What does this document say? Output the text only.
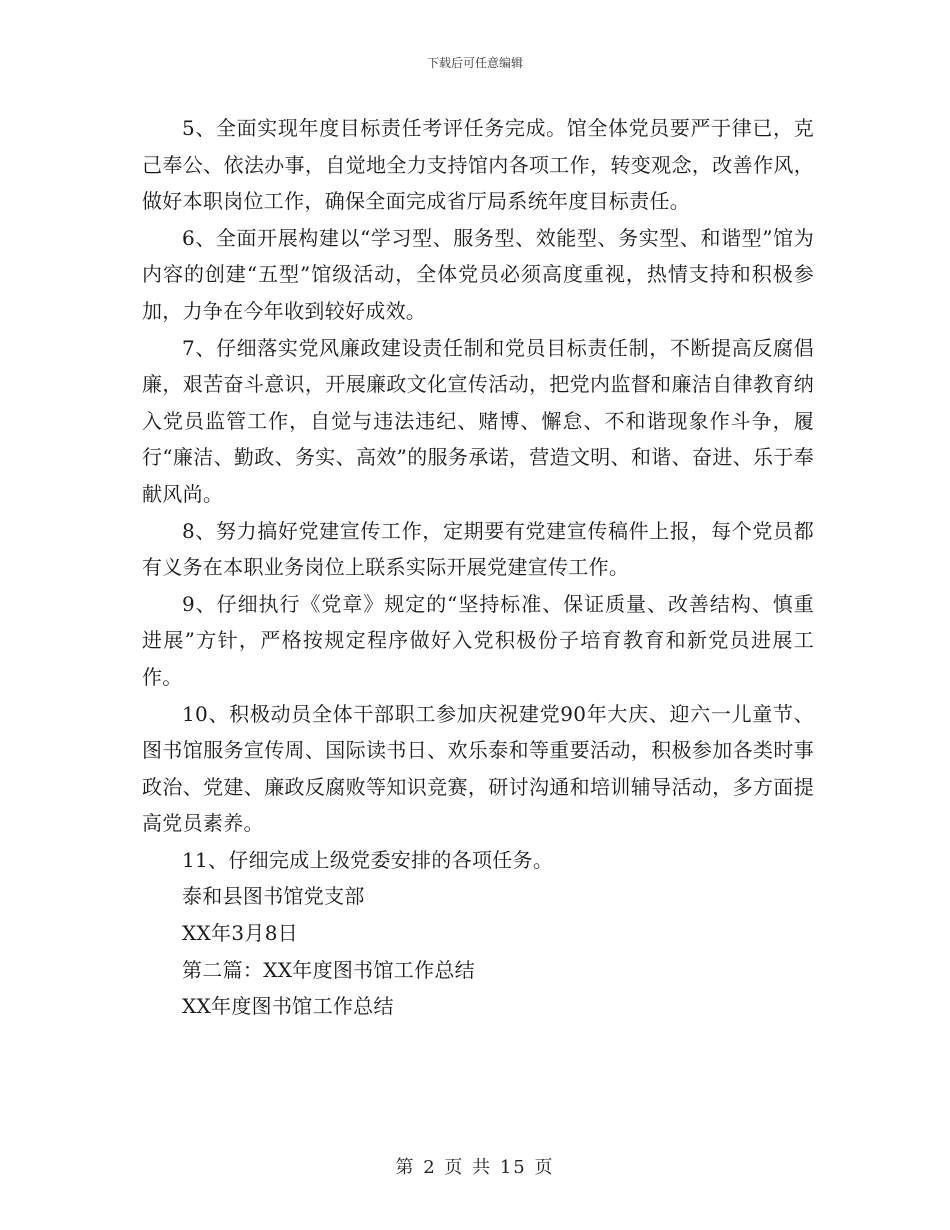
下载后可任意编辑

5、全面实现年度目标责任考评任务完成。馆全体党员要严于律已，克己奉公、依法办事，自觉地全力支持馆内各项工作，转变观念，改善作风，做好本职岗位工作，确保全面完成省厅局系统年度目标责任。

6、全面开展构建以“学习型、服务型、效能型、务实型、和谐型”馆为内容的创建“五型”馆级活动，全体党员必须高度重视，热情支持和积极参加，力争在今年收到较好成效。

7、仔细落实党风廉政建设责任制和党员目标责任制，不断提高反腐倡廉，艰苦奋斗意识，开展廉政文化宣传活动，把党内监督和廉洁自律教育纳入党员监管工作，自觉与违法违纪、赌博、懈怠、不和谐现象作斗争，履行“廉洁、勤政、务实、高效”的服务承诺，营造文明、和谐、奋进、乐于奉献风尚。

8、努力搞好党建宣传工作，定期要有党建宣传稿件上报，每个党员都有义务在本职业务岗位上联系实际开展党建宣传工作。

9、仔细执行《党章》规定的“坚持标准、保证质量、改善结构、慎重进展”方针，严格按规定程序做好入党积极份子培育教育和新党员进展工作。

10、积极动员全体干部职工参加庆祝建党90年大庆、迎六一儿童节、图书馆服务宣传周、国际读书日、欢乐泰和等重要活动，积极参加各类时事政治、党建、廉政反腐败等知识竞赛，研讨沟通和培训辅导活动，多方面提高党员素养。

11、仔细完成上级党委安排的各项任务。

泰和县图书馆党支部

XX年3月8日

第二篇：XX年度图书馆工作总结

XX年度图书馆工作总结

第 2 页 共 15 页
